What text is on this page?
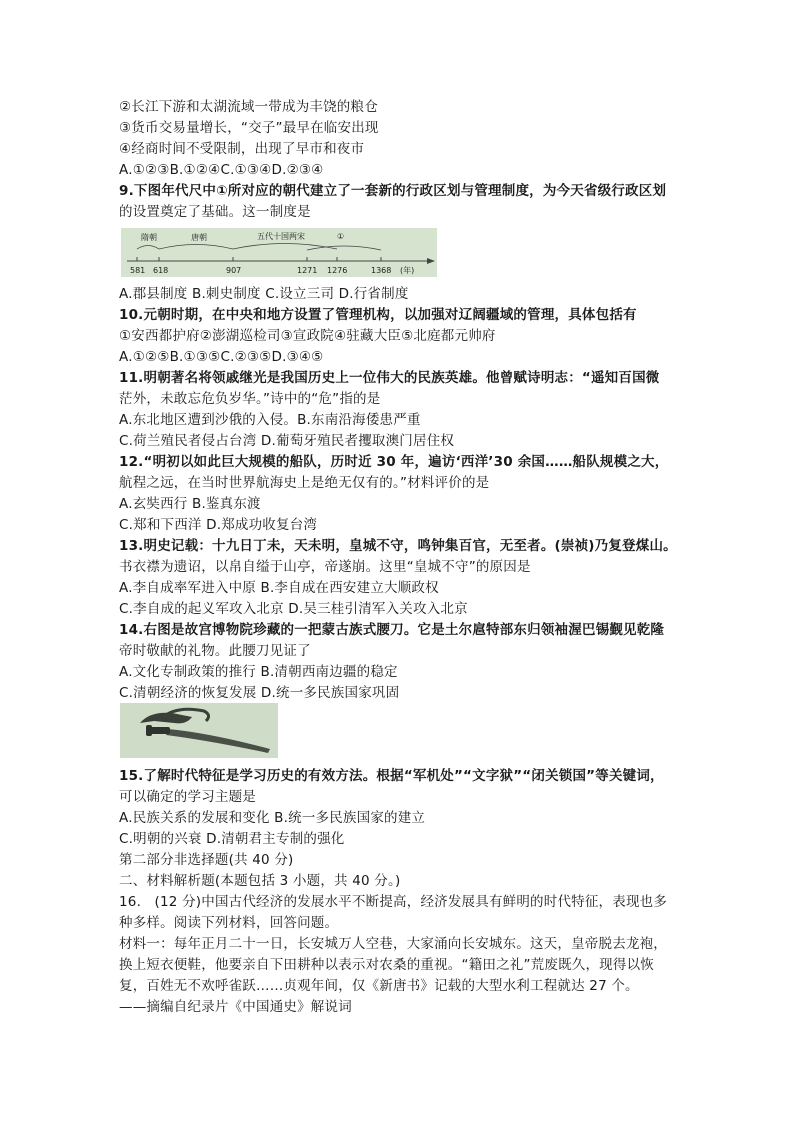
②长江下游和太湖流域一带成为丰饶的粮仓
③货币交易量增长，“交子”最早在临安出现
④经商时间不受限制，出现了早市和夜市
A.①②③B.①②④C.①③④D.②③④
9.下图年代尺中①所对应的朝代建立了一套新的行政区划与管理制度，为今天省级行政区划
的设置奠定了基础。这一制度是
隋朝	唐朝	五代十国两宋	①
581 618	907	1271 1276	1368 (年)
A.郡县制度 B.刺史制度 C.设立三司 D.行省制度
10.元朝时期，在中央和地方设置了管理机构，以加强对辽阔疆域的管理，具体包括有
①安西都护府②澎湖巡检司③宣政院④驻藏大臣⑤北庭都元帅府
A.①②⑤B.①③⑤C.②③⑤D.③④⑤
11.明朝著名将领戚继光是我国历史上一位伟大的民族英雄。他曾赋诗明志：“遥知百国微
茫外，未敢忘危负岁华。”诗中的“危”指的是
A.东北地区遭到沙俄的入侵。B.东南沿海倭患严重
C.荷兰殖民者侵占台湾 D.葡萄牙殖民者攫取澳门居住权
12.“明初以如此巨大规模的船队，历时近 30 年，遍访‘西洋’30 余国……船队规模之大，
航程之远，在当时世界航海史上是绝无仅有的。”材料评价的是
A.玄奘西行 B.鉴真东渡
C.郑和下西洋 D.郑成功收复台湾
13.明史记载：十九日丁未，天未明，皇城不守，鸣钟集百官，无至者。(崇祯)乃复登煤山。
书衣襟为遗诏，以帛自缢于山亭，帝遂崩。这里“皇城不守”的原因是
A.李自成率军进入中原 B.李自成在西安建立大顺政权
C.李自成的起义军攻入北京 D.吴三桂引清军入关攻入北京
14.右图是故宫博物院珍藏的一把蒙古族式腰刀。它是土尔扈特部东归领袖渥巴锡觐见乾隆
帝时敬献的礼物。此腰刀见证了
A.文化专制政策的推行 B.清朝西南边疆的稳定
C.清朝经济的恢复发展 D.统一多民族国家巩固
15.了解时代特征是学习历史的有效方法。根据“军机处”“文字狱”“闭关锁国”等关键词，
可以确定的学习主题是
A.民族关系的发展和变化 B.统一多民族国家的建立
C.明朝的兴衰 D.清朝君主专制的强化
第二部分非选择题(共 40 分)
二、材料解析题(本题包括 3 小题，共 40 分。)
16.   (12 分)中国古代经济的发展水平不断提高，经济发展具有鲜明的时代特征，表现也多
种多样。阅读下列材料，回答问题。
材料一：每年正月二十一日，长安城万人空巷，大家涌向长安城东。这天，皇帝脱去龙袍，
换上短衣便鞋，他要亲自下田耕种以表示对农桑的重视。“籍田之礼”荒废既久，现得以恢
复，百姓无不欢呼雀跃……贞观年间，仅《新唐书》记载的大型水利工程就达 27 个。
——摘编自纪录片《中国通史》解说词
